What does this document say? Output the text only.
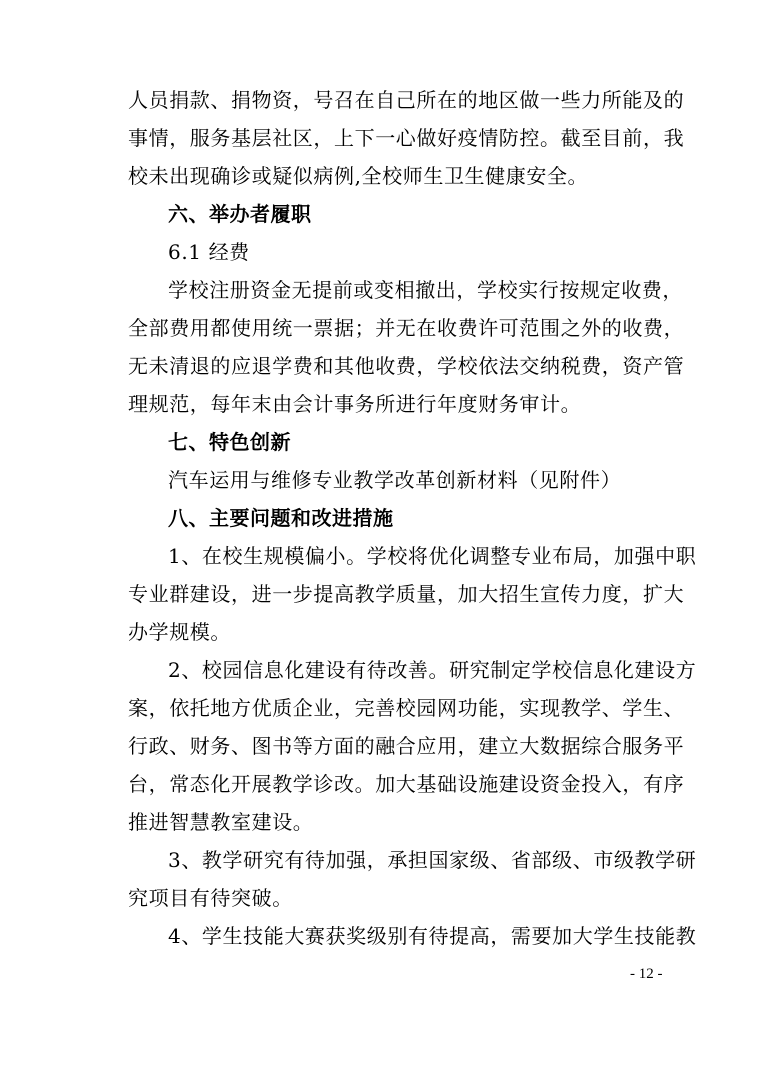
人员捐款、捐物资，号召在自己所在的地区做一些力所能及的
事情，服务基层社区，上下一心做好疫情防控。截至目前，我
校未出现确诊或疑似病例,全校师生卫生健康安全。
六、举办者履职
6.1 经费
学校注册资金无提前或变相撤出，学校实行按规定收费，
全部费用都使用统一票据；并无在收费许可范围之外的收费，
无未清退的应退学费和其他收费，学校依法交纳税费，资产管
理规范，每年末由会计事务所进行年度财务审计。
七、特色创新
汽车运用与维修专业教学改革创新材料（见附件）
八、主要问题和改进措施
1、在校生规模偏小。学校将优化调整专业布局，加强中职
专业群建设，进一步提高教学质量，加大招生宣传力度，扩大
办学规模。
2、校园信息化建设有待改善。研究制定学校信息化建设方
案，依托地方优质企业，完善校园网功能，实现教学、学生、
行政、财务、图书等方面的融合应用，建立大数据综合服务平
台，常态化开展教学诊改。加大基础设施建设资金投入，有序
推进智慧教室建设。
3、教学研究有待加强，承担国家级、省部级、市级教学研
究项目有待突破。
4、学生技能大赛获奖级别有待提高，需要加大学生技能教
- 12 -
